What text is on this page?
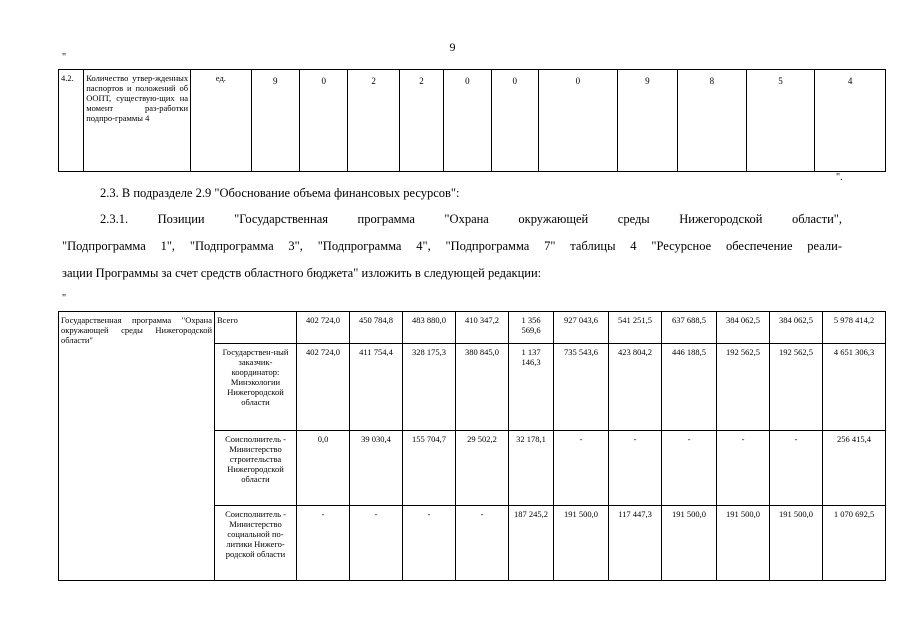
9
"
4.2.	Количество утвер-жденных паспортов и положений об ООПТ, существую-щих на момент раз-работки подпро-граммы 4	ед.	9	0	2	2	0	0	0	9	8	5	4
".
2.3. В подразделе 2.9 "Обоснование объема финансовых ресурсов":
2.3.1. Позиции "Государственная программа "Охрана окружающей среды Нижегородской области",
"Подпрограмма 1", "Подпрограмма 3", "Подпрограмма 4", "Подпрограмма 7" таблицы 4 "Ресурсное обеспечение реали-
зации Программы за счет средств областного бюджета" изложить в следующей редакции:
"
Государственная программа "Охрана окружающей среды Нижегородской области"	Всего	402 724,0	450 784,8	483 880,0	410 347,2	1 356 569,6	927 043,6	541 251,5	637 688,5	384 062,5	384 062,5	5 978 414,2
	Государствен-ный заказчик-координатор: Минэкологии Нижегородской области	402 724,0	411 754,4	328 175,3	380 845,0	1 137 146,3	735 543,6	423 804,2	446 188,5	192 562,5	192 562,5	4 651 306,3
	Соисполнитель - Министерство строительства Нижегородской области	0,0	39 030,4	155 704,7	29 502,2	32 178,1	-	-	-	-	-	256 415,4
	Соисполнитель - Министерство социальной по-литики Нижего-родской области	-	-	-	-	187 245,2	191 500,0	117 447,3	191 500,0	191 500,0	191 500,0	1 070 692,5
